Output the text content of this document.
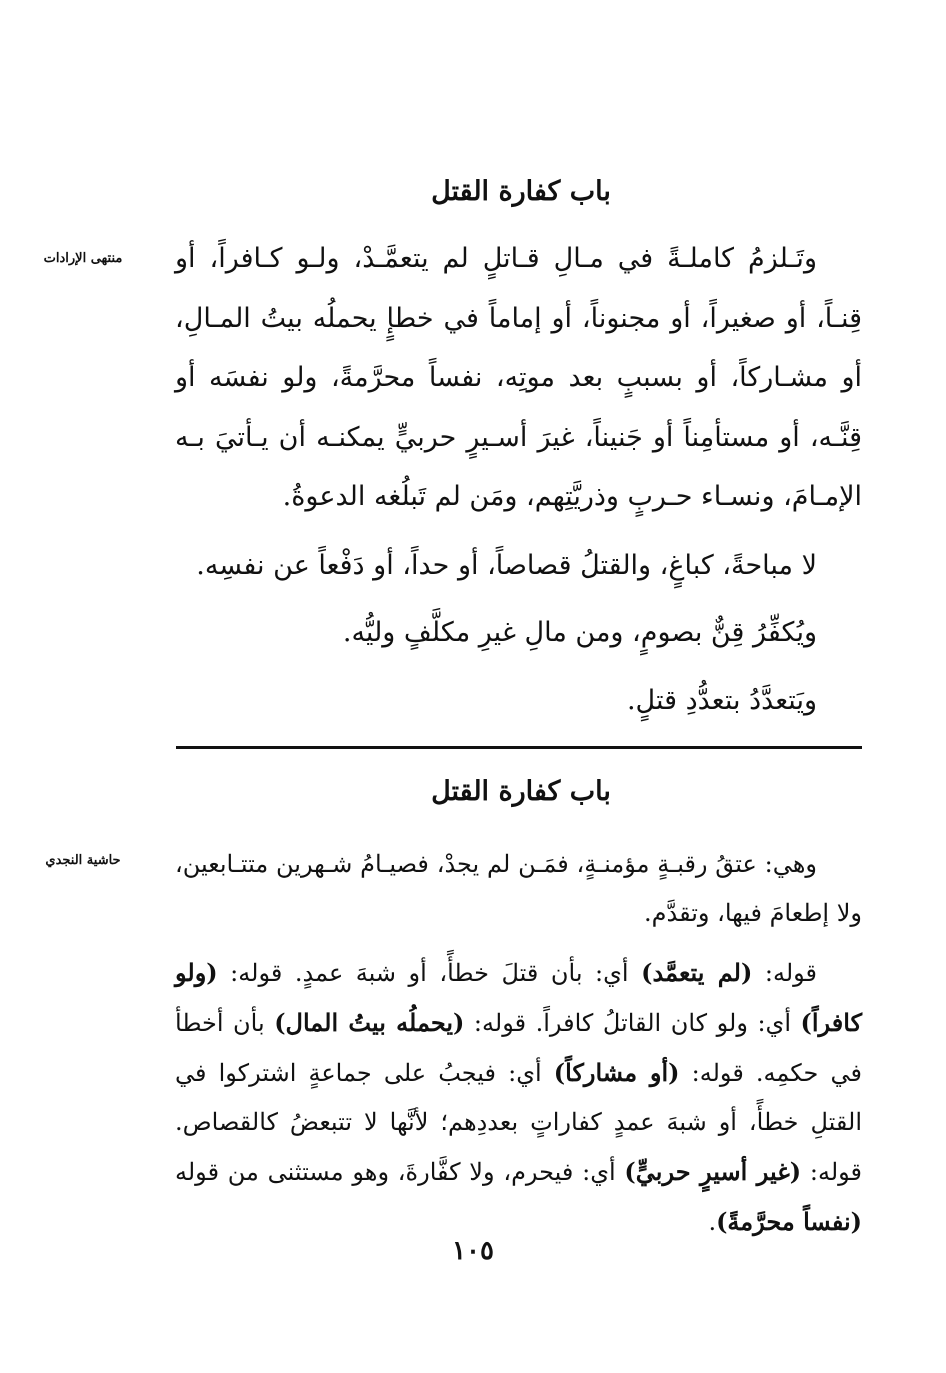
باب كفارة القتل
منتهى الإرادات وتَـلزمُ كاملـةً في مـالِ قـاتلٍ لم يتعمَّـدْ، ولـو كـافراً، أو قِنـاً، أو صغيراً، أو مجنوناً، أو إماماً في خطإٍ يحملُه بيتُ المـالِ، أو مشـاركاً، أو بسببٍ بعد موتِه، نفساً محرَّمةً، ولو نفسَه أو قِنَّـه، أو مستأمِناً أو جَنيناً، غيرَ أسـيرٍ حربيٍّ يمكنـه أن يـأتيَ بـه الإمـامَ، ونسـاء حـربٍ وذريَّتِهم، ومَن لم تَبلُغه الدعوةُ.

لا مباحةً، كباغٍ، والقتلُ قصاصاً، أو حداً، أو دَفْعاً عن نفسِه.

ويُكفِّرُ قِنٌّ بصومٍ، ومن مالِ غيرِ مكلَّفٍ وليُّه.

ويَتعدَّدُ بتعدُّدِ قتلٍ.

باب كفارة القتل
حاشية النجدي	وهي: عتقُ رقبـةٍ مؤمنـةٍ، فمَـن لم يجدْ، فصيـامُ شـهرين متتـابعين، ولا إطعامَ فيها، وتقدَّم.

قوله: (لم يتعمَّد) أي: بأن قتلَ خطأً، أو شبهَ عمدٍ. قوله: (ولو كافراً) أي: ولو كان القاتلُ كافراً. قوله: (يحملُه بيتُ المال) بأن أخطأ في حكمِه. قوله: (أو مشاركاً) أي: فيجبُ على جماعةٍ اشتركوا في القتلِ خطأً، أو شبهَ عمدٍ كفاراتٍ بعددِهم؛ لأنَّها لا تتبعضُ كالقصاص. قوله: (غير أسيرٍ حربيٍّ) أي: فيحرم، ولا كفَّارةَ، وهو مستثنى من قوله (نفساً محرَّمةً).

١٠٥
